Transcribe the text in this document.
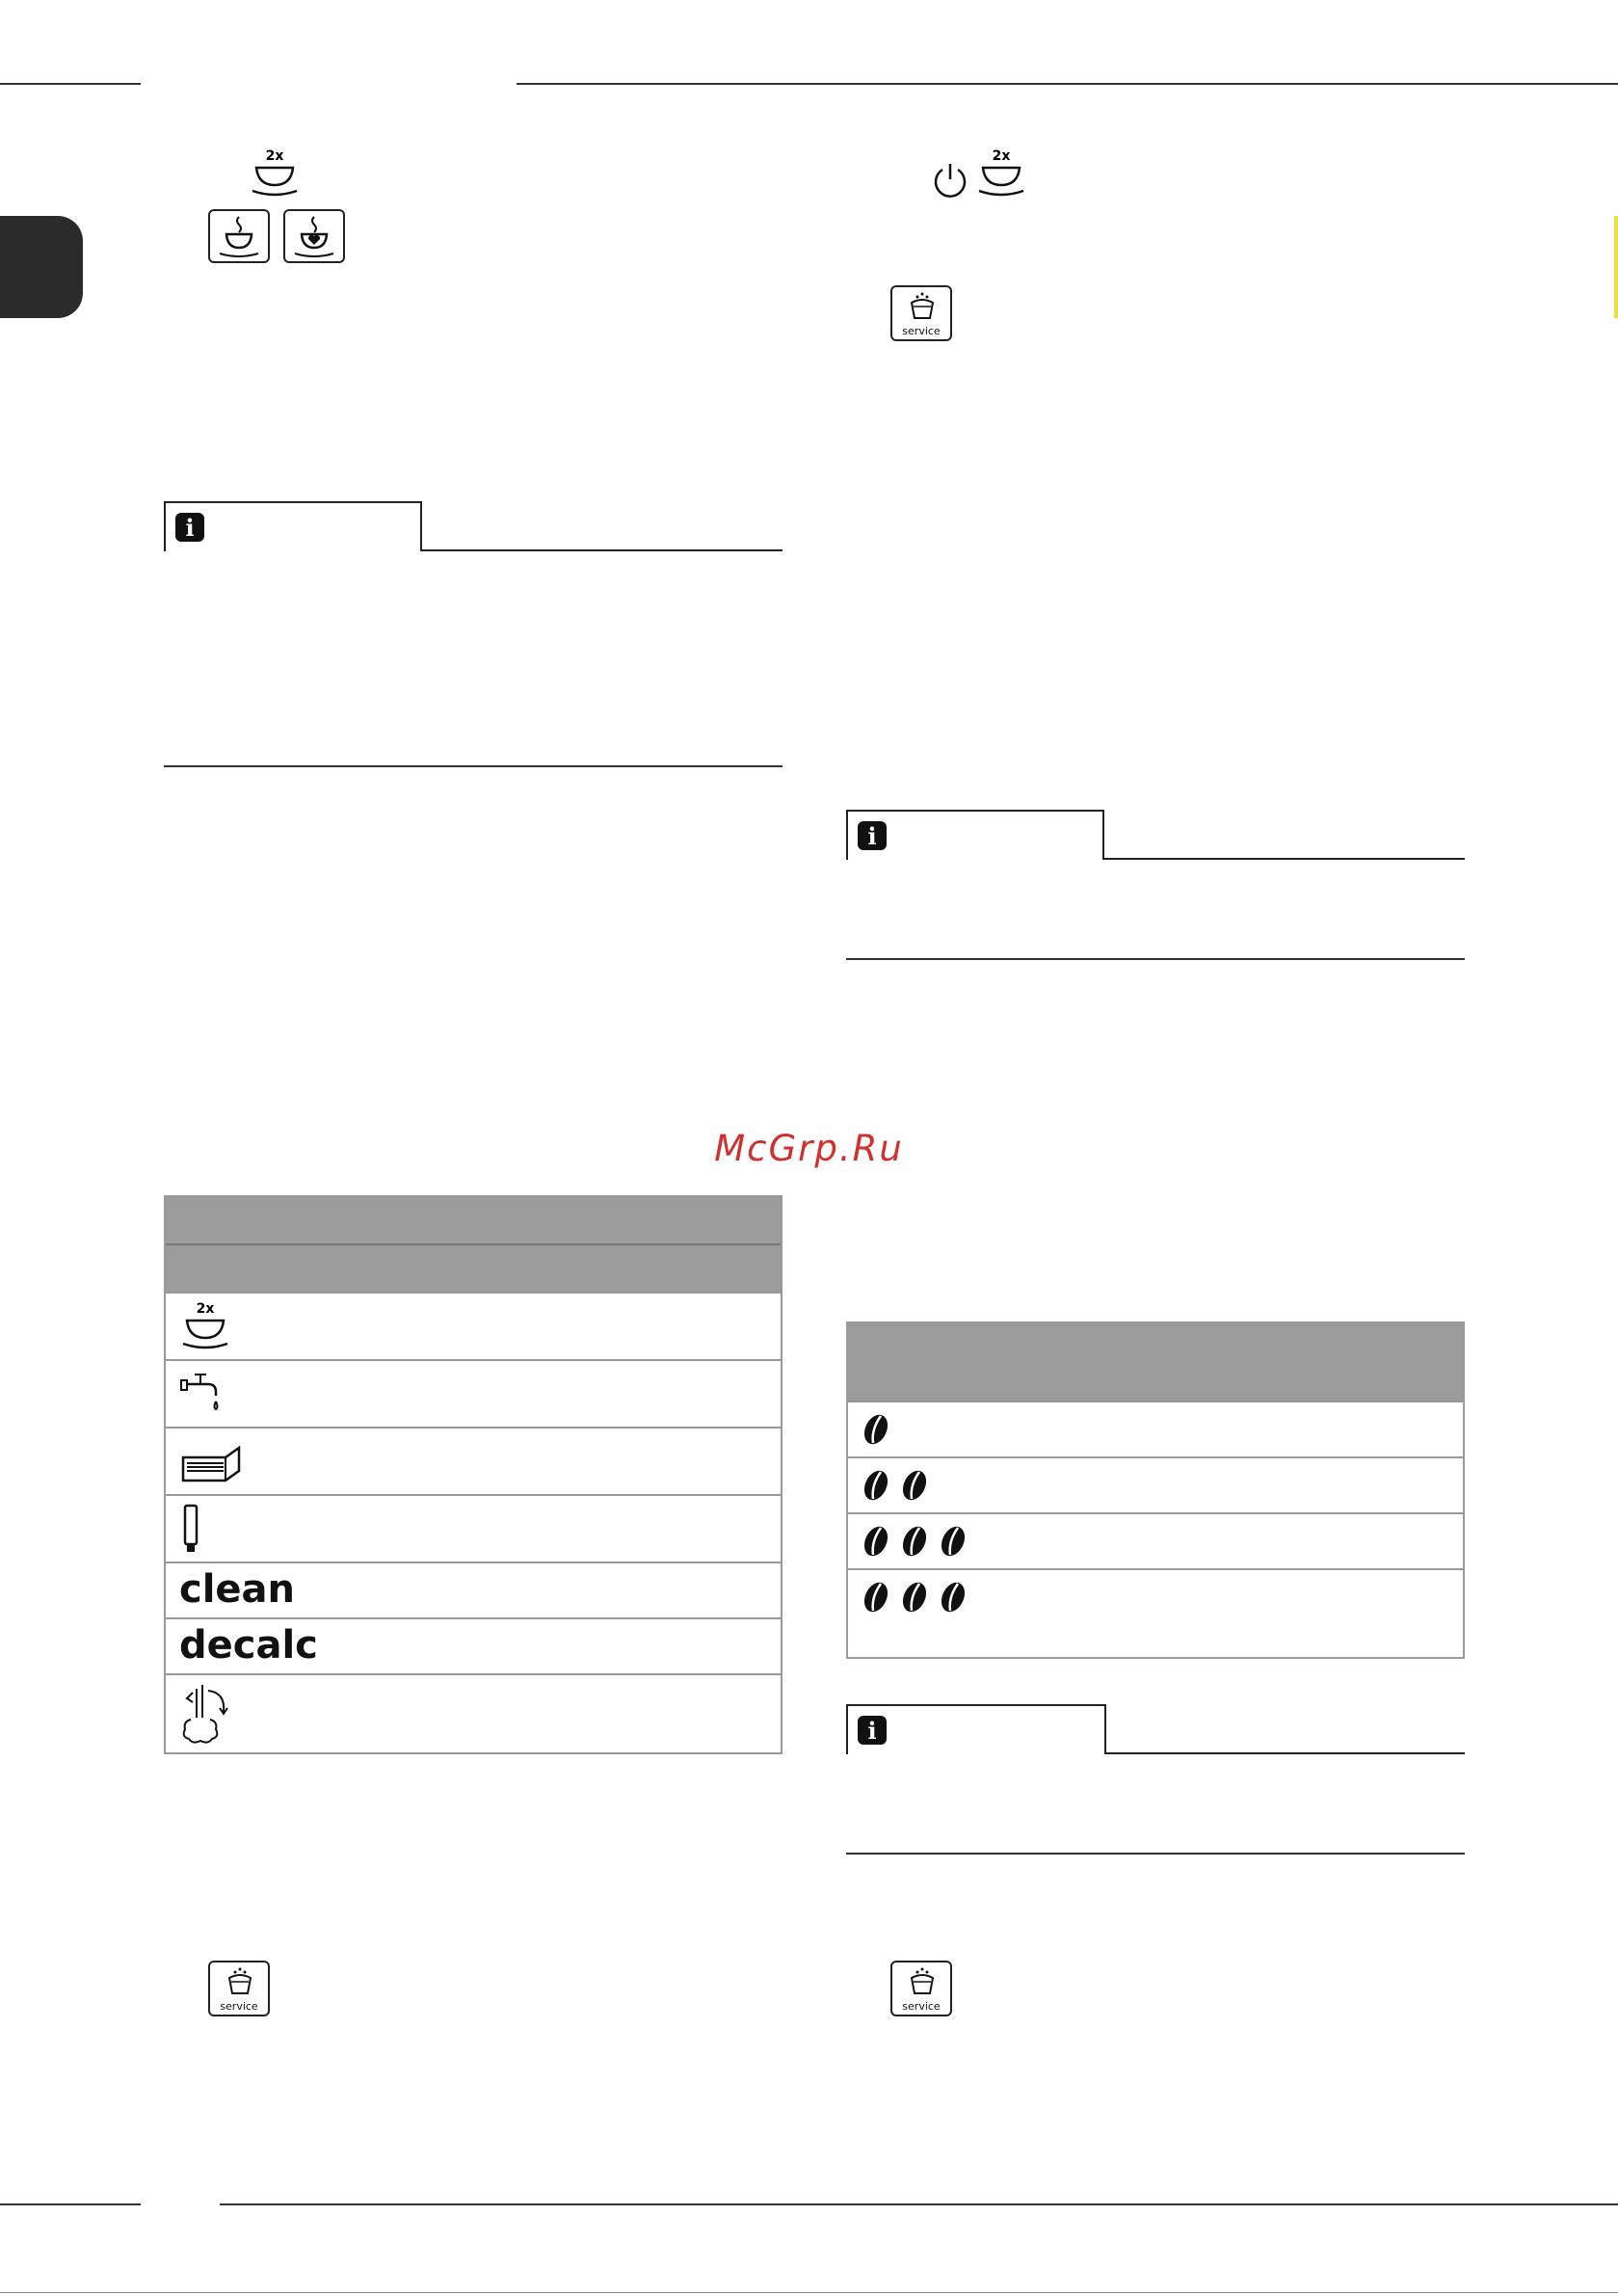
2x	2x
service
i
i
McGrp.Ru
2x
clean
decalc
i
service	service
